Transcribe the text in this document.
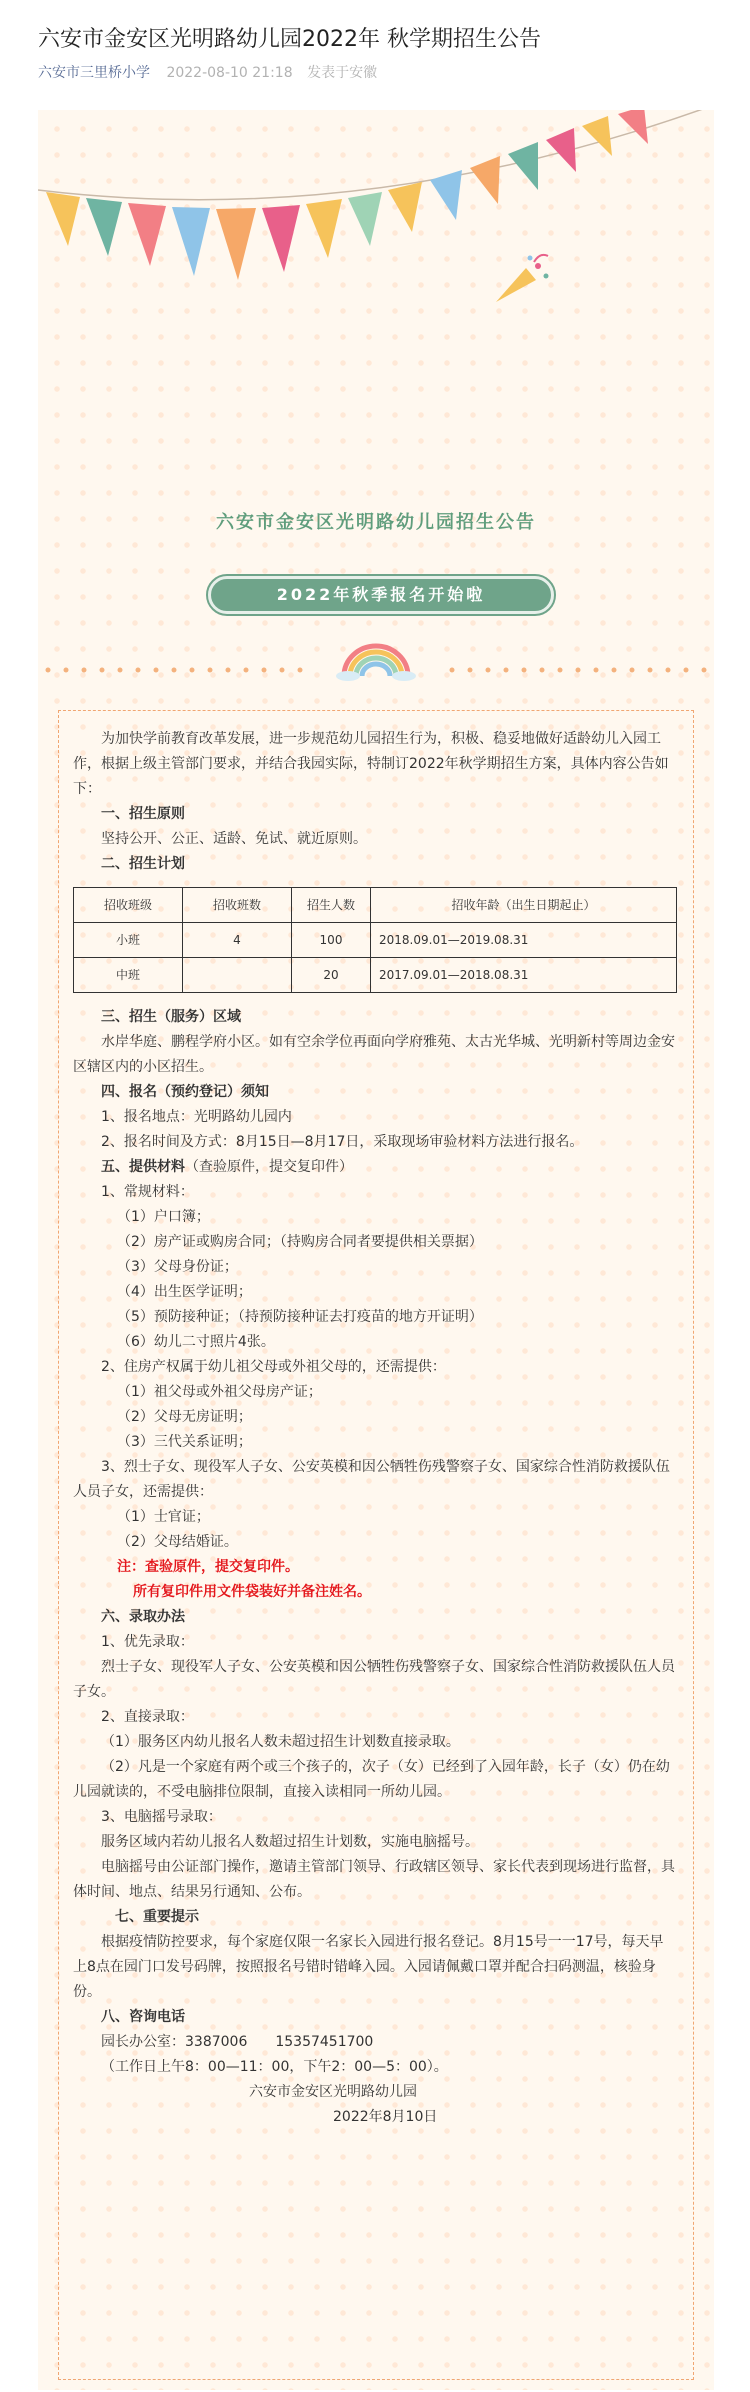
六安市金安区光明路幼儿园2022年 秋学期招生公告
六安市三里桥小学 2022-08-10 21:18 发表于安徽
六安市金安区光明路幼儿园招生公告
2022年秋季报名开始啦

为加快学前教育改革发展，进一步规范幼儿园招生行为，积极、稳妥地做好适龄幼儿入园工作，根据上级主管部门要求，并结合我园实际，特制订2022年秋学期招生方案，具体内容公告如下：

一、招生原则

坚持公开、公正、适龄、免试、就近原则。

二、招生计划

招收班级	招收班数	招生人数	招收年龄（出生日期起止）
小班	4	100	2018.09.01—2019.08.31
中班		20	2017.09.01—2018.08.31

三、招生（服务）区域

水岸华庭、鹏程学府小区。如有空余学位再面向学府雅苑、太古光华城、光明新村等周边金安区辖区内的小区招生。

四、报名（预约登记）须知

1、报名地点：光明路幼儿园内

2、报名时间及方式：8月15日—8月17日，采取现场审验材料方法进行报名。

五、提供材料（查验原件，提交复印件）

1、常规材料：

（1）户口簿；

（2）房产证或购房合同；（持购房合同者要提供相关票据）

（3）父母身份证；

（4）出生医学证明；

（5）预防接种证；（持预防接种证去打疫苗的地方开证明）

（6）幼儿二寸照片4张。

2、住房产权属于幼儿祖父母或外祖父母的，还需提供：

（1）祖父母或外祖父母房产证；

（2）父母无房证明；

（3）三代关系证明；

3、烈士子女、现役军人子女、公安英模和因公牺牲伤残警察子女、国家综合性消防救援队伍人员子女，还需提供：

（1）士官证；

（2）父母结婚证。

注：查验原件，提交复印件。

所有复印件用文件袋装好并备注姓名。

六、录取办法

1、优先录取：

烈士子女、现役军人子女、公安英模和因公牺牲伤残警察子女、国家综合性消防救援队伍人员子女。

2、直接录取：

（1）服务区内幼儿报名人数未超过招生计划数直接录取。

（2）凡是一个家庭有两个或三个孩子的，次子（女）已经到了入园年龄，长子（女）仍在幼儿园就读的，不受电脑排位限制，直接入读相同一所幼儿园。

3、电脑摇号录取：

服务区域内若幼儿报名人数超过招生计划数，实施电脑摇号。

电脑摇号由公证部门操作，邀请主管部门领导、行政辖区领导、家长代表到现场进行监督，具体时间、地点、结果另行通知、公布。

七、重要提示

根据疫情防控要求，每个家庭仅限一名家长入园进行报名登记。8月15号一一17号，每天早上8点在园门口发号码牌，按照报名号错时错峰入园。入园请佩戴口罩并配合扫码测温，核验身份。

八、咨询电话

园长办公室：3387006　　15357451700

（工作日上午8：00—11：00，下午2：00—5：00）。

六安市金安区光明路幼儿园

2022年8月10日
